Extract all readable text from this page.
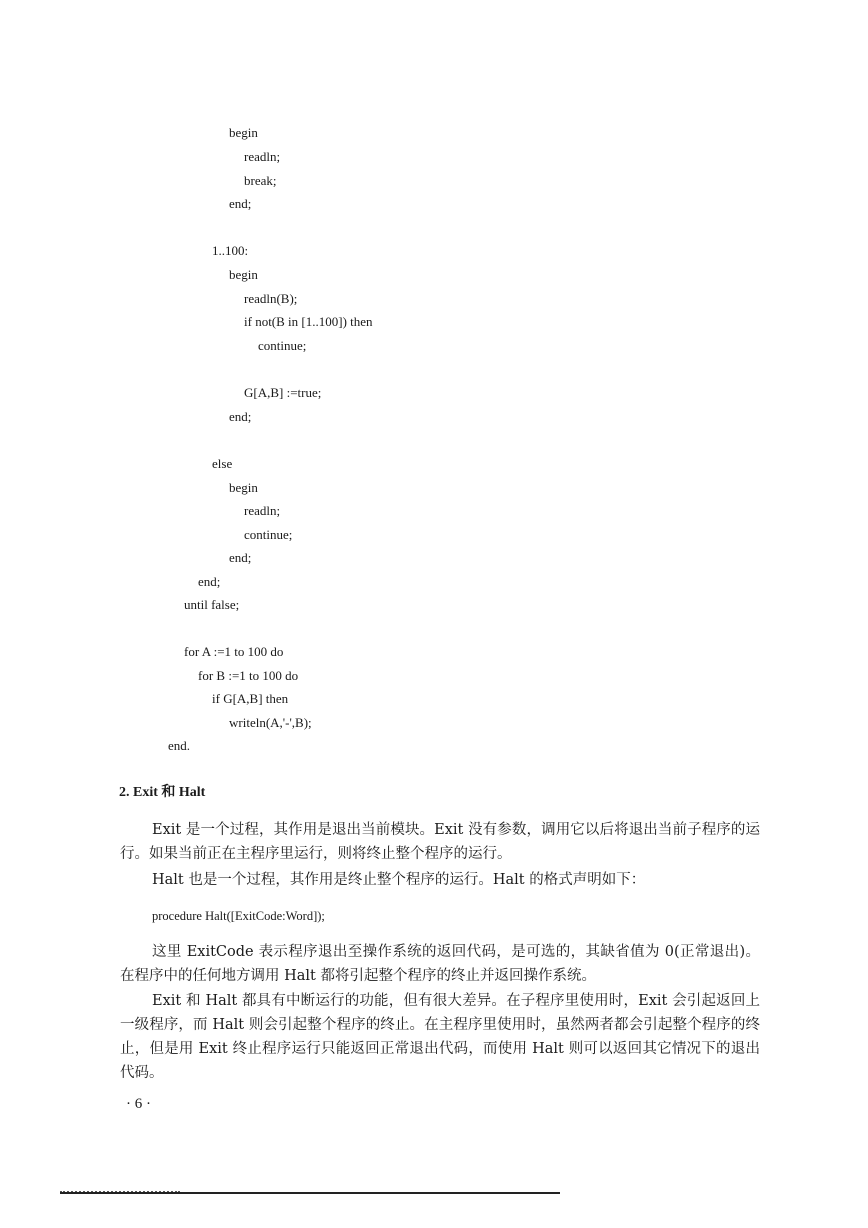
begin
readln;
break;
end;
1..100:
begin
readln(B);
if not(B in [1..100]) then
continue;
G[A,B] :=true;
end;
else
begin
readln;
continue;
end;
end;
until false;
for A :=1 to 100 do
for B :=1 to 100 do
if G[A,B] then
writeln(A,'-',B);
end.
2. Exit 和 Halt

Exit 是一个过程，其作用是退出当前模块。Exit 没有参数，调用它以后将退出当前子程序的运行。如果当前正在主程序里运行，则将终止整个程序的运行。

Halt 也是一个过程，其作用是终止整个程序的运行。Halt 的格式声明如下：

procedure Halt([ExitCode:Word]);

这里 ExitCode 表示程序退出至操作系统的返回代码，是可选的，其缺省值为 0(正常退出)。在程序中的任何地方调用 Halt 都将引起整个程序的终止并返回操作系统。

Exit 和 Halt 都具有中断运行的功能，但有很大差异。在子程序里使用时，Exit 会引起返回上一级程序，而 Halt 则会引起整个程序的终止。在主程序里使用时，虽然两者都会引起整个程序的终止，但是用 Exit 终止程序运行只能返回正常退出代码，而使用 Halt 则可以返回其它情况下的退出代码。

· 6 ·
